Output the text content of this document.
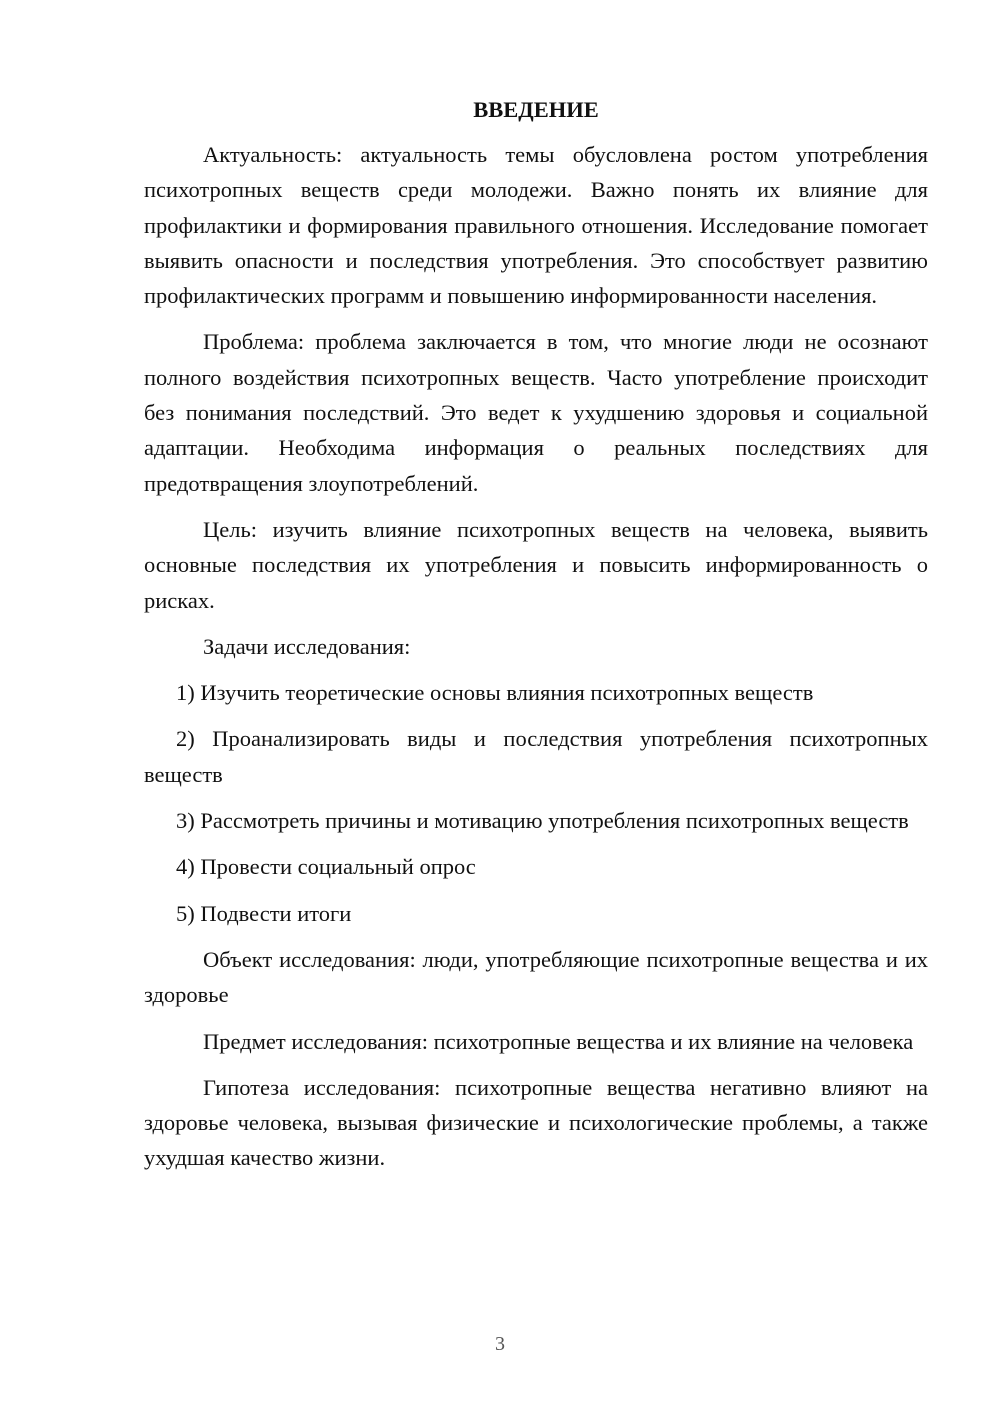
ВВЕДЕНИЕ

Актуальность: актуальность темы обусловлена ростом употребления психотропных веществ среди молодежи. Важно понять их влияние для профилактики и формирования правильного отношения. Исследование помогает выявить опасности и последствия употребления. Это способствует развитию профилактических программ и повышению информированности населения.

Проблема: проблема заключается в том, что многие люди не осознают полного воздействия психотропных веществ. Часто употребление происходит без понимания последствий. Это ведет к ухудшению здоровья и социальной адаптации. Необходима информация о реальных последствиях для предотвращения злоупотреблений.

Цель: изучить влияние психотропных веществ на человека, выявить основные последствия их употребления и повысить информированность о рисках.

Задачи исследования:

1) Изучить теоретические основы влияния психотропных веществ

2) Проанализировать виды и последствия употребления психотропных веществ

3) Рассмотреть причины и мотивацию употребления психотропных веществ

4) Провести социальный опрос

5) Подвести итоги

Объект исследования: люди, употребляющие психотропные вещества и их здоровье

Предмет исследования: психотропные вещества и их влияние на человека

Гипотеза исследования: психотропные вещества негативно влияют на здоровье человека, вызывая физические и психологические проблемы, а также ухудшая качество жизни.

3
